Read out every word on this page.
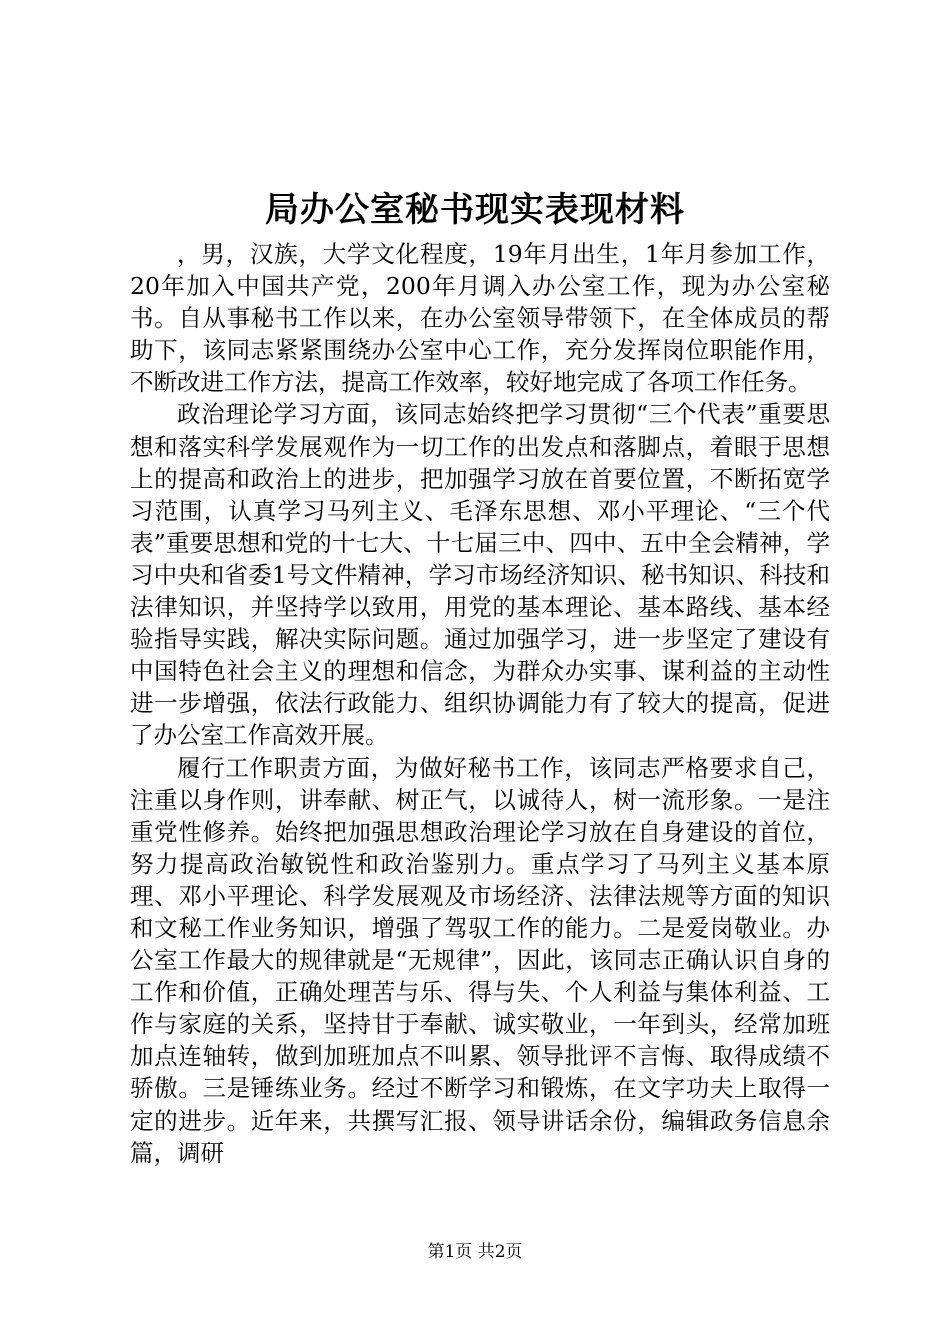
局办公室秘书现实表现材料

，男，汉族，大学文化程度，19年月出生，1年月参加工作，20年加入中国共产党，200年月调入办公室工作，现为办公室秘书。自从事秘书工作以来，在办公室领导带领下，在全体成员的帮助下，该同志紧紧围绕办公室中心工作，充分发挥岗位职能作用，不断改进工作方法，提高工作效率，较好地完成了各项工作任务。

政治理论学习方面，该同志始终把学习贯彻“三个代表”重要思想和落实科学发展观作为一切工作的出发点和落脚点，着眼于思想上的提高和政治上的进步，把加强学习放在首要位置，不断拓宽学习范围，认真学习马列主义、毛泽东思想、邓小平理论、“三个代表”重要思想和党的十七大、十七届三中、四中、五中全会精神，学习中央和省委1号文件精神，学习市场经济知识、秘书知识、科技和法律知识，并坚持学以致用，用党的基本理论、基本路线、基本经验指导实践，解决实际问题。通过加强学习，进一步坚定了建设有中国特色社会主义的理想和信念，为群众办实事、谋利益的主动性进一步增强，依法行政能力、组织协调能力有了较大的提高，促进了办公室工作高效开展。

履行工作职责方面，为做好秘书工作，该同志严格要求自己，注重以身作则，讲奉献、树正气，以诚待人，树一流形象。一是注重党性修养。始终把加强思想政治理论学习放在自身建设的首位，努力提高政治敏锐性和政治鉴别力。重点学习了马列主义基本原理、邓小平理论、科学发展观及市场经济、法律法规等方面的知识和文秘工作业务知识，增强了驾驭工作的能力。二是爱岗敬业。办公室工作最大的规律就是“无规律”，因此，该同志正确认识自身的工作和价值，正确处理苦与乐、得与失、个人利益与集体利益、工作与家庭的关系，坚持甘于奉献、诚实敬业，一年到头，经常加班加点连轴转，做到加班加点不叫累、领导批评不言悔、取得成绩不骄傲。三是锤练业务。经过不断学习和锻炼，在文字功夫上取得一定的进步。近年来，共撰写汇报、领导讲话余份，编辑政务信息余篇，调研

第1页 共2页
